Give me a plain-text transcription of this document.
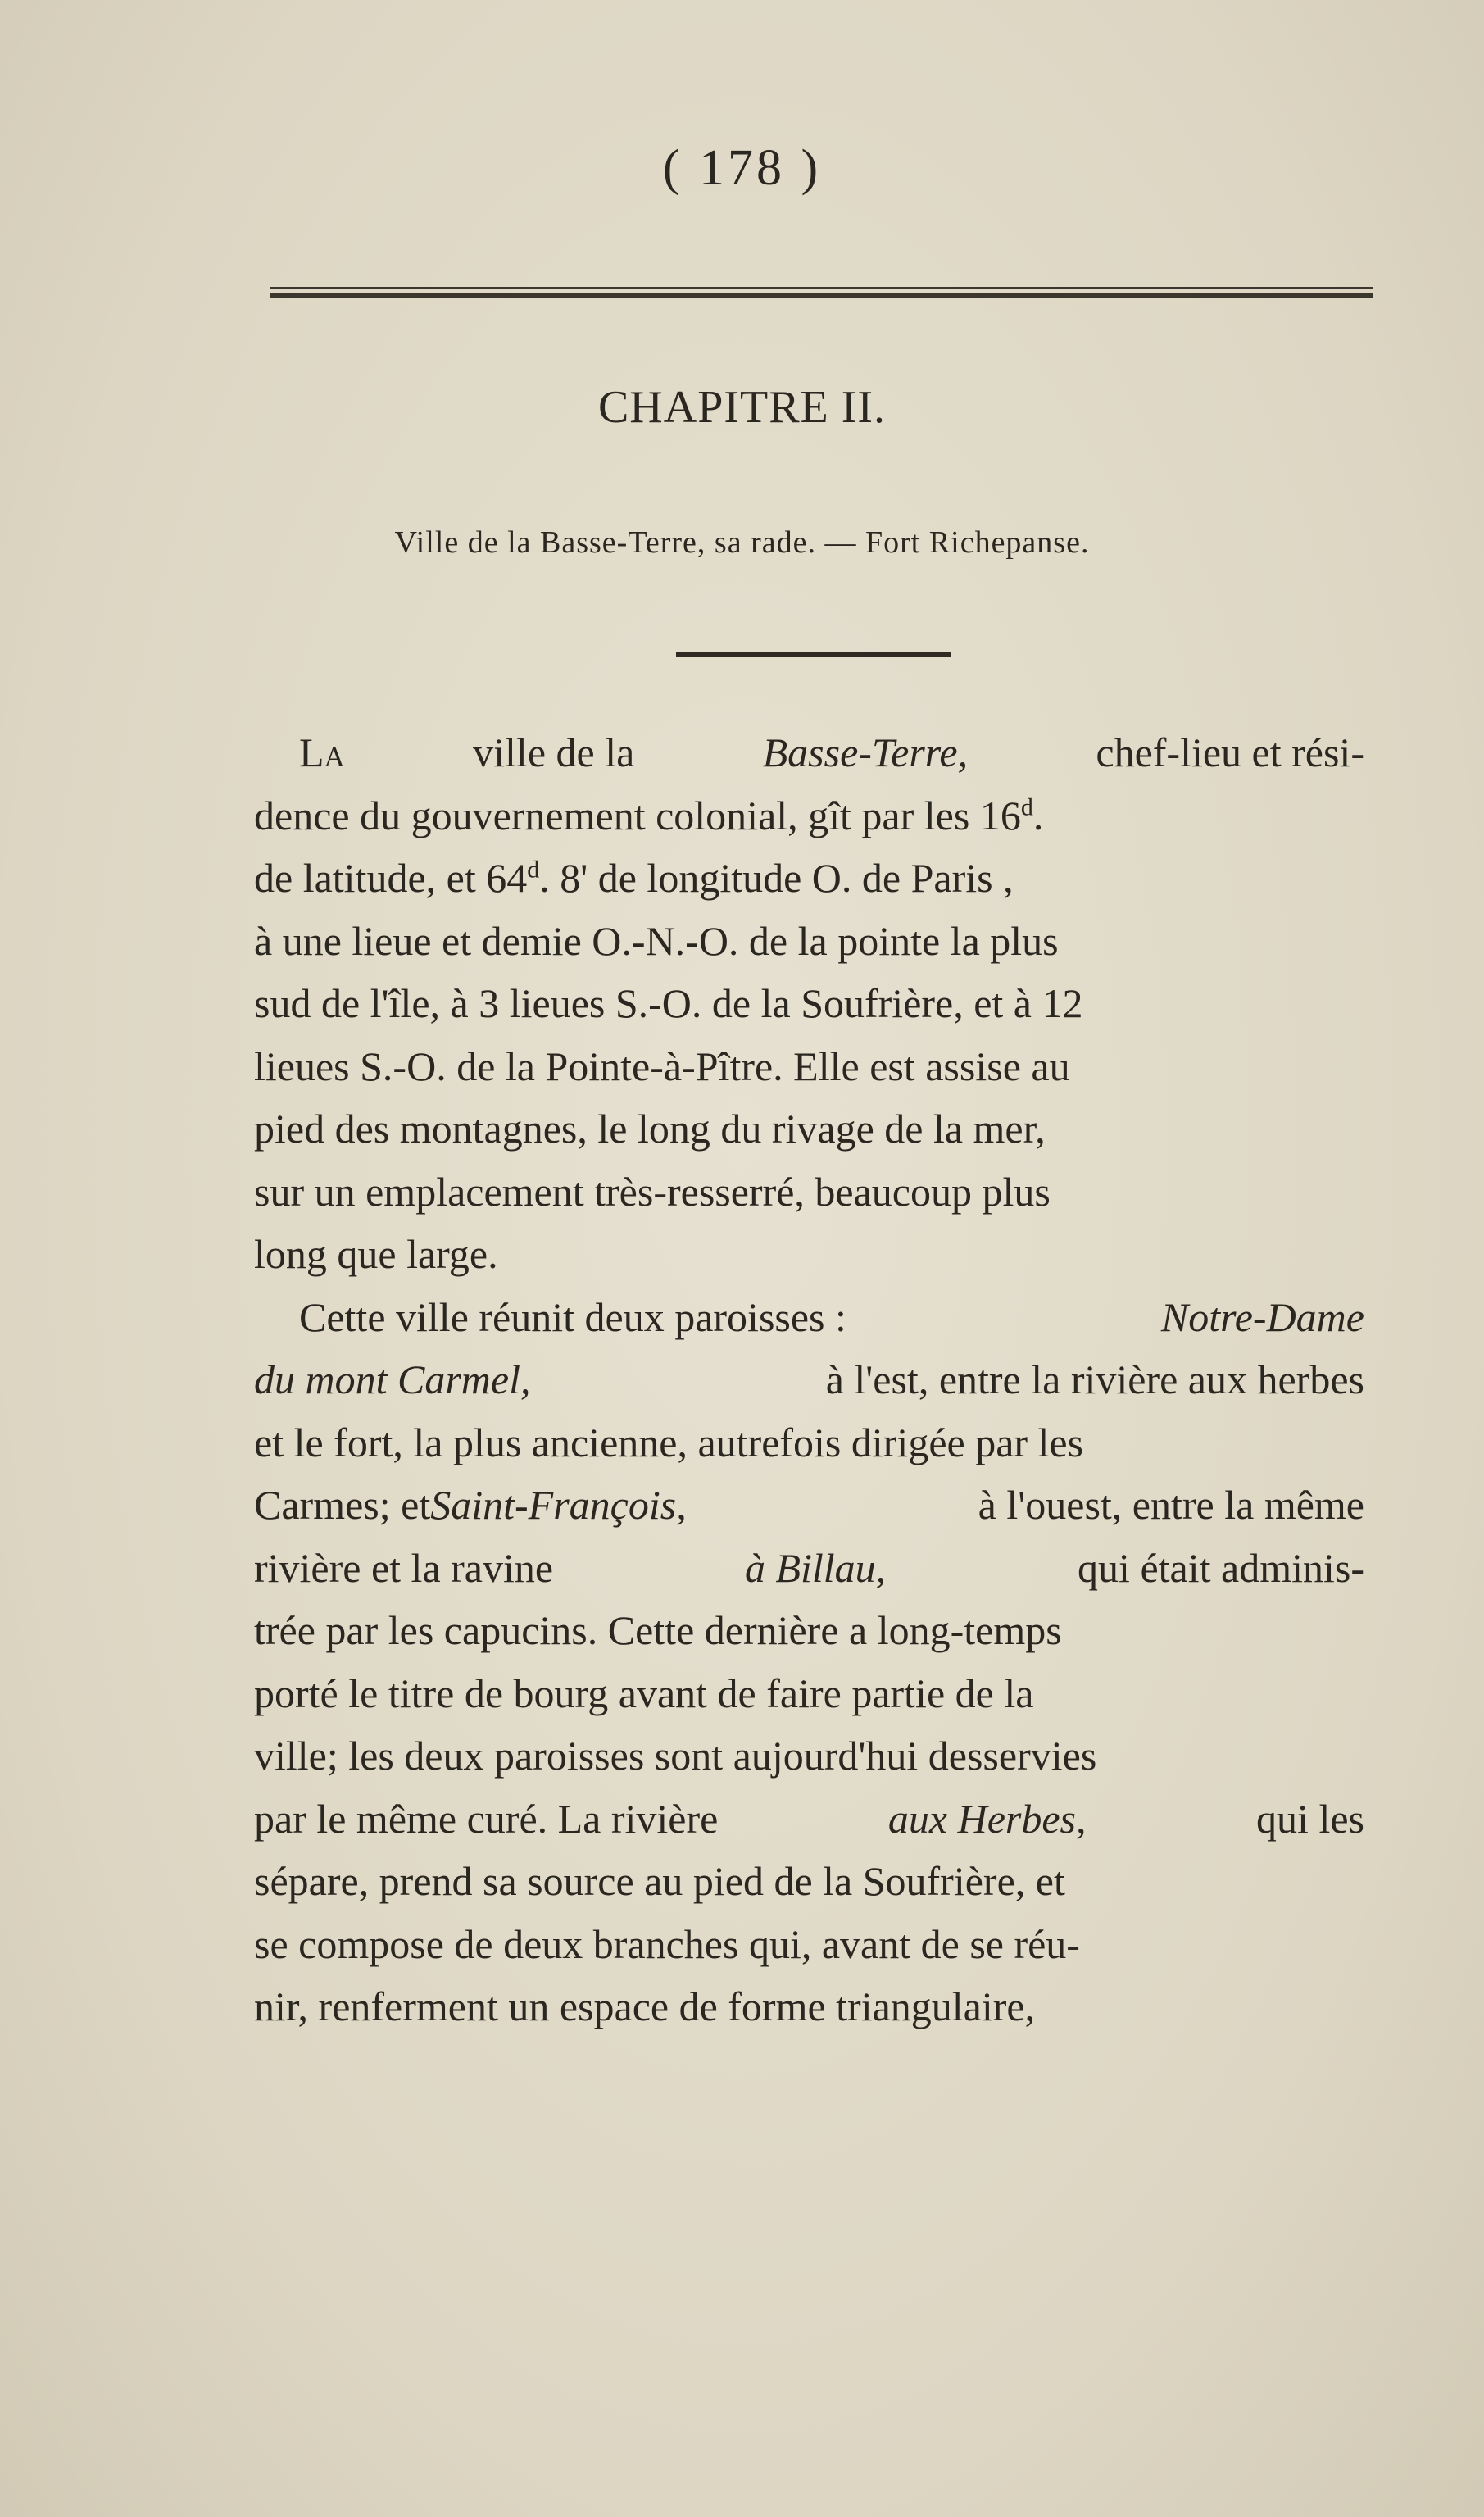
( 178 )
CHAPITRE II.
Ville de la Basse-Terre, sa rade. — Fort Richepanse.
La	ville de la	Basse-Terre,	chef-lieu et rési-
dence du gouvernement colonial, gît par les 16$^d$.
de latitude, et 64$^d$. 8' de longitude O. de Paris ,
à une lieue et demie O.-N.-O. de la pointe la plus
sud de l'île, à 3 lieues S.-O. de la Soufrière, et à 12
lieues S.-O. de la Pointe-à-Pître. Elle est assise au
pied des montagnes, le long du rivage de la mer,
sur un emplacement très-resserré, beaucoup plus
long que large.
Cette ville réunit deux paroisses :	Notre-Dame
du mont Carmel,	à l'est, entre la rivière aux herbes
et le fort, la plus ancienne, autrefois dirigée par les
Carmes; etSaint-François,	à l'ouest, entre la même
rivière et la ravine	à Billau,	qui était adminis-
trée par les capucins. Cette dernière a long-temps
porté le titre de bourg avant de faire partie de la
ville; les deux paroisses sont aujourd'hui desservies
par le même curé. La rivière	aux Herbes,	qui les
sépare, prend sa source au pied de la Soufrière, et
se compose de deux branches qui, avant de se réu-
nir, renferment un espace de forme triangulaire,
